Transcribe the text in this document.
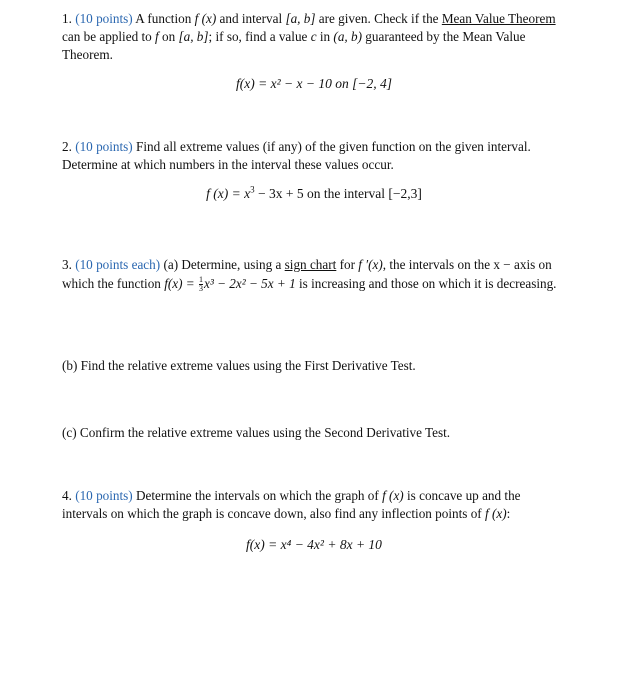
1. (10 points) A function f (x) and interval [a, b] are given. Check if the Mean Value Theorem can be applied to f on [a, b]; if so, find a value c in (a, b) guaranteed by the Mean Value Theorem.
f(x) = x² − x − 10 on [−2, 4]
2. (10 points) Find all extreme values (if any) of the given function on the given interval. Determine at which numbers in the interval these values occur.
f $(x) = x^3 - 3x + 5$ on the interval [−2,3]
3. (10 points each) (a) Determine, using a sign chart for f ′(x), the intervals on the x − axis on which the function $f(x) = \frac{1}{3} x^3 - 2x^2 - 5x + 1$ is increasing and those on which it is decreasing.
(b) Find the relative extreme values using the First Derivative Test.
(c) Confirm the relative extreme values using the Second Derivative Test.
4. (10 points) Determine the intervals on which the graph of f (x) is concave up and the intervals on which the graph is concave down, also find any inflection points of f (x):
f(x) = x⁴ − 4x² + 8x + 10
